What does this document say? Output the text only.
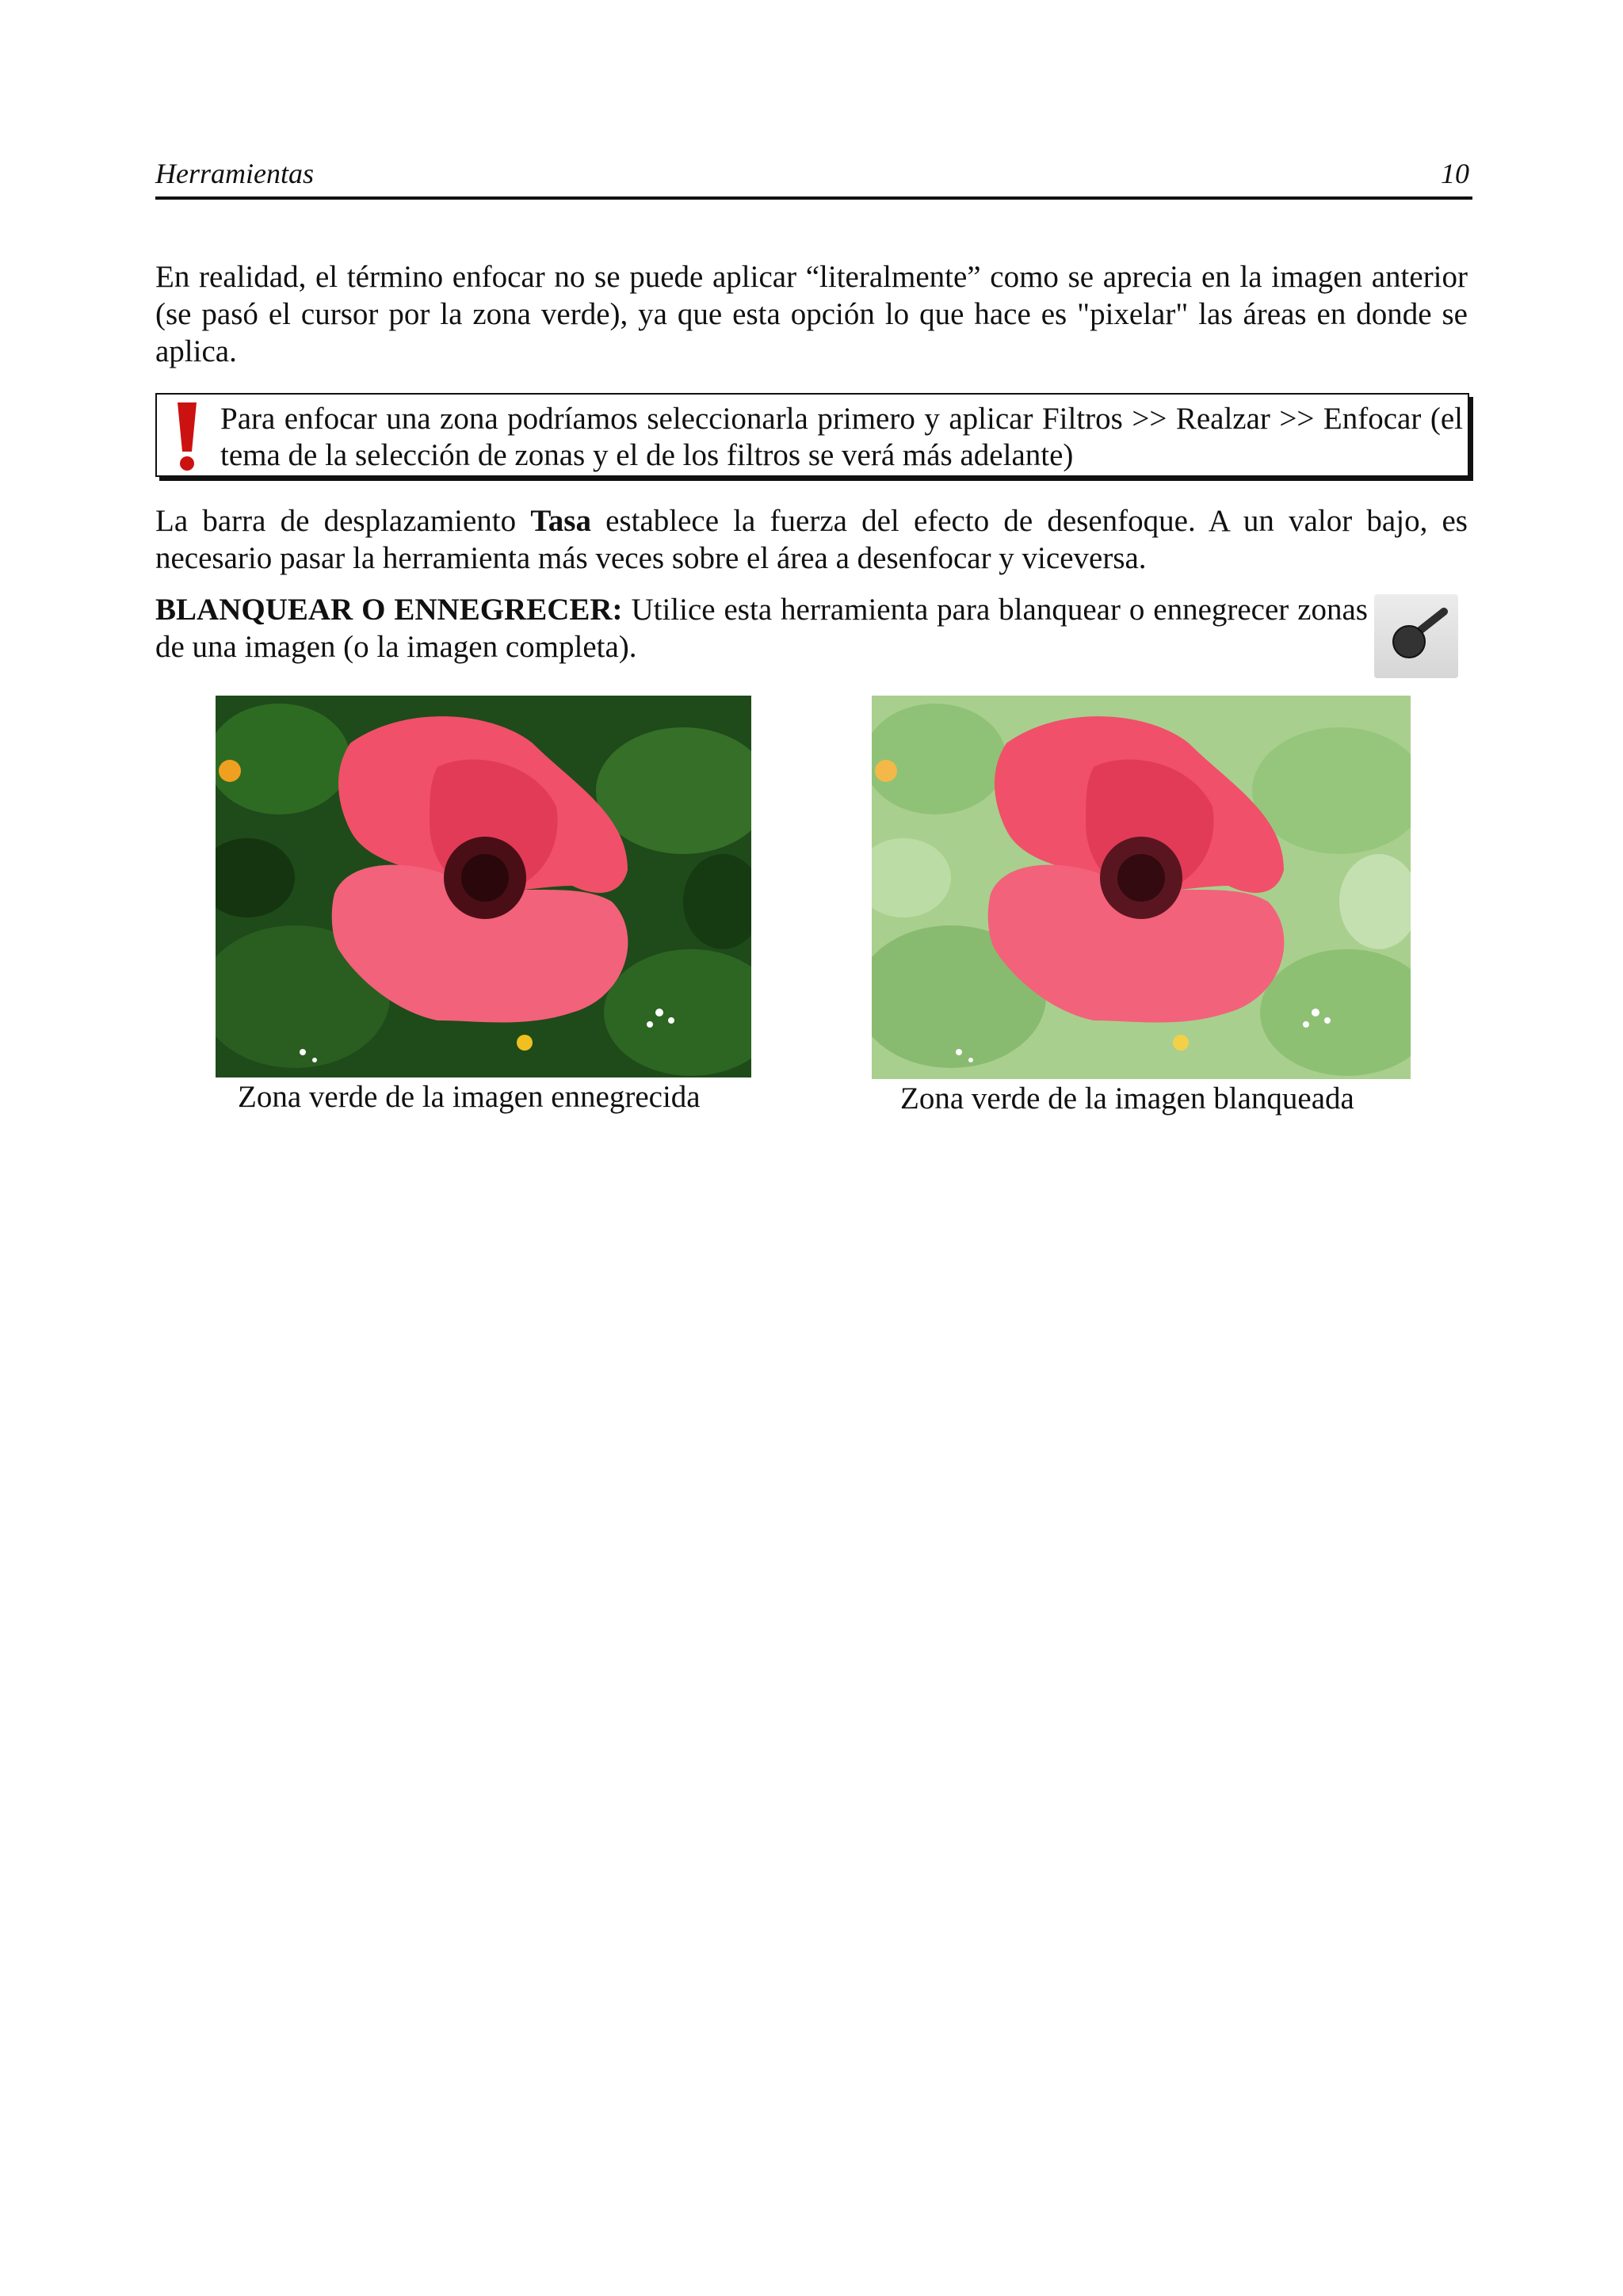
Herramientas	10

En realidad, el término enfocar no se puede aplicar “literalmente” como se aprecia en la imagen anterior (se pasó el cursor por la zona verde), ya que esta opción lo que hace es "pixelar" las áreas en donde se aplica.

Para enfocar una zona podríamos seleccionarla primero y aplicar Filtros >> Realzar >> Enfocar (el tema de la selección de zonas y el de los filtros se verá más adelante)

La barra de desplazamiento Tasa establece la fuerza del efecto de desenfoque. A un valor bajo, es necesario pasar la herramienta más veces sobre el área a desenfocar y viceversa.

BLANQUEAR O ENNEGRECER: Utilice esta herramienta para blanquear o ennegrecer zonas de una imagen (o la imagen completa).

Zona verde de la imagen ennegrecida	Zona verde de la imagen blanqueada
